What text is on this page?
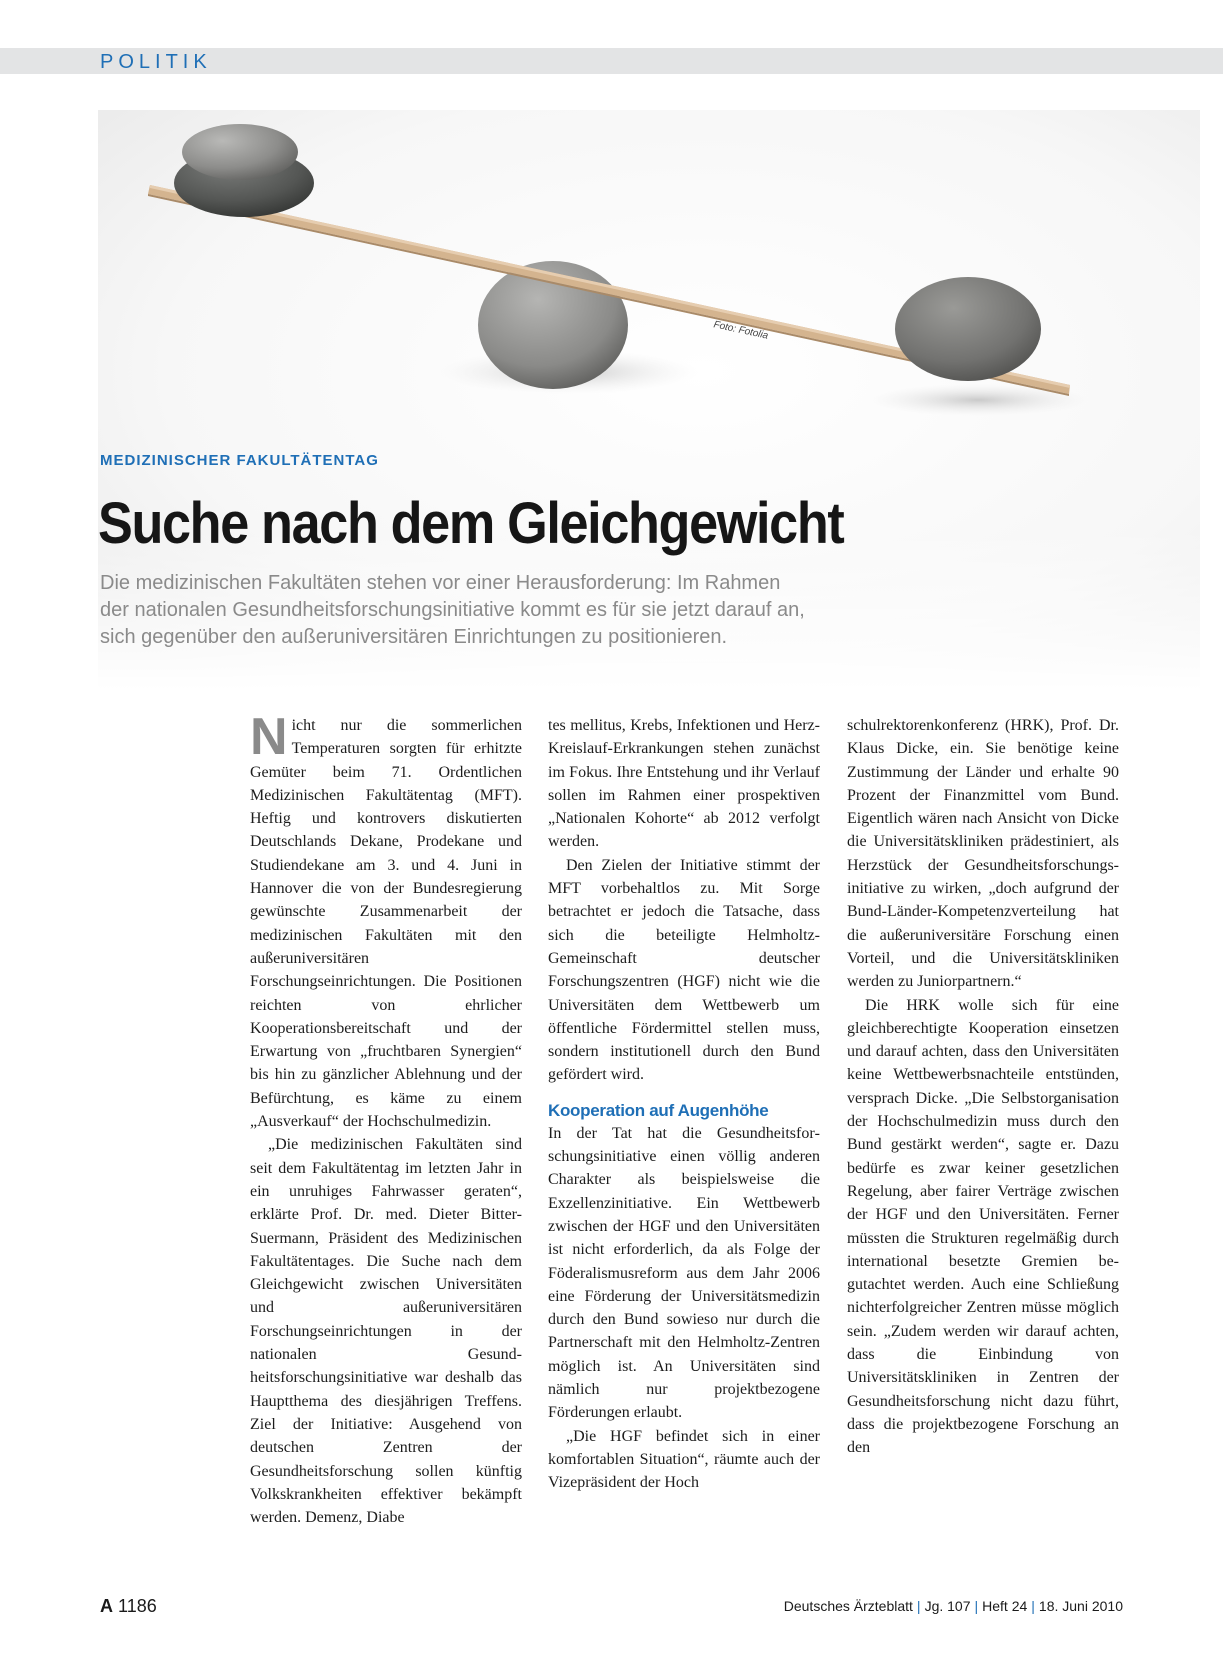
POLITIK
Foto: Fotolia
MEDIZINISCHER FAKULTÄTENTAG
Suche nach dem Gleichgewicht
Die medizinischen Fakultäten stehen vor einer Herausforderung: Im Rahmen
der nationalen Gesundheitsforschungsinitiative kommt es für sie jetzt darauf an,
sich gegenüber den außeruniversitären Einrichtungen zu positionieren.

Nicht nur die sommerlichen Temperaturen sorgten für erhitzte Gemüter beim 71. Ordentlichen Medizinischen Fakultätentag (MFT). Heftig und kontrovers diskutierten Deutschlands Dekane, Prodekane und Studiendekane am 3. und 4. Juni in Hannover die von der Bundesregierung gewünschte Zusammenarbeit der medizinischen Fakultäten mit den außeruniversitären Forschungseinrichtungen. Die Positionen reichten von ehrlicher Kooperationsbereitschaft und der Erwartung von „fruchtbaren Synergien“ bis hin zu gänzlicher Ablehnung und der Befürchtung, es käme zu einem „Ausverkauf“ der Hochschulmedizin.

„Die medizinischen Fakultäten sind seit dem Fakultätentag im letzten Jahr in ein unruhiges Fahrwasser geraten“, erklärte Prof. Dr. med. Dieter Bitter-Suermann, Präsident des Medizinischen Fakultätentages. Die Suche nach dem Gleichgewicht zwischen Universitäten und außeruniversitären Forschungseinrichtungen in der nationalen Gesundheitsforschungsinitiative war deshalb das Hauptthema des diesjährigen Treffens. Ziel der Initiative: Ausgehend von deutschen Zentren der Gesundheitsforschung sollen künftig Volkskrankheiten effektiver bekämpft werden. Demenz, Diabe

tes mellitus, Krebs, Infektionen und Herz-Kreislauf-Erkrankungen stehen zunächst im Fokus. Ihre Entstehung und ihr Verlauf sollen im Rahmen einer prospektiven „Nationalen Kohorte“ ab 2012 verfolgt werden.

Den Zielen der Initiative stimmt der MFT vorbehaltlos zu. Mit Sorge betrachtet er jedoch die Tatsache, dass sich die beteiligte Helmholtz-Gemeinschaft deutscher Forschungszentren (HGF) nicht wie die Universitäten dem Wettbewerb um öffentliche Fördermittel stellen muss, sondern institutionell durch den Bund gefördert wird.

Kooperation auf Augenhöhe

In der Tat hat die Gesundheitsforschungsinitiative einen völlig anderen Charakter als beispielsweise die Exzellenzinitiative. Ein Wettbewerb zwischen der HGF und den Universitäten ist nicht erforderlich, da als Folge der Föderalismusreform aus dem Jahr 2006 eine Förderung der Universitätsmedizin durch den Bund sowieso nur durch die Partnerschaft mit den Helmholtz-Zentren möglich ist. An Universitäten sind nämlich nur projektbezogene Förderungen erlaubt.

„Die HGF befindet sich in einer komfortablen Situation“, räumte auch der Vizepräsident der Hoch

schulrektorenkonferenz (HRK), Prof. Dr. Klaus Dicke, ein. Sie benötige keine Zustimmung der Länder und erhalte 90 Prozent der Finanzmittel vom Bund. Eigentlich wären nach Ansicht von Dicke die Universitätskliniken prädestiniert, als Herzstück der Gesundheitsforschungsinitiative zu wirken, „doch aufgrund der Bund-Länder-Kompetenzverteilung hat die außeruniversitäre Forschung einen Vorteil, und die Universitätskliniken werden zu Juniorpartnern.“

Die HRK wolle sich für eine gleichberechtigte Kooperation einsetzen und darauf achten, dass den Universitäten keine Wettbewerbsnachteile entstünden, versprach Dicke. „Die Selbstorganisation der Hochschulmedizin muss durch den Bund gestärkt werden“, sagte er. Dazu bedürfe es zwar keiner gesetzlichen Regelung, aber fairer Verträge zwischen der HGF und den Universitäten. Ferner müssten die Strukturen regelmäßig durch international besetzte Gremien begutachtet werden. Auch eine Schließung nichterfolgreicher Zentren müsse möglich sein. „Zudem werden wir darauf achten, dass die Einbindung von Universitätskliniken in Zentren der Gesundheitsforschung nicht dazu führt, dass die projektbezogene Forschung an den

A 1186	Deutsches Ärzteblatt | Jg. 107 | Heft 24 | 18. Juni 2010
